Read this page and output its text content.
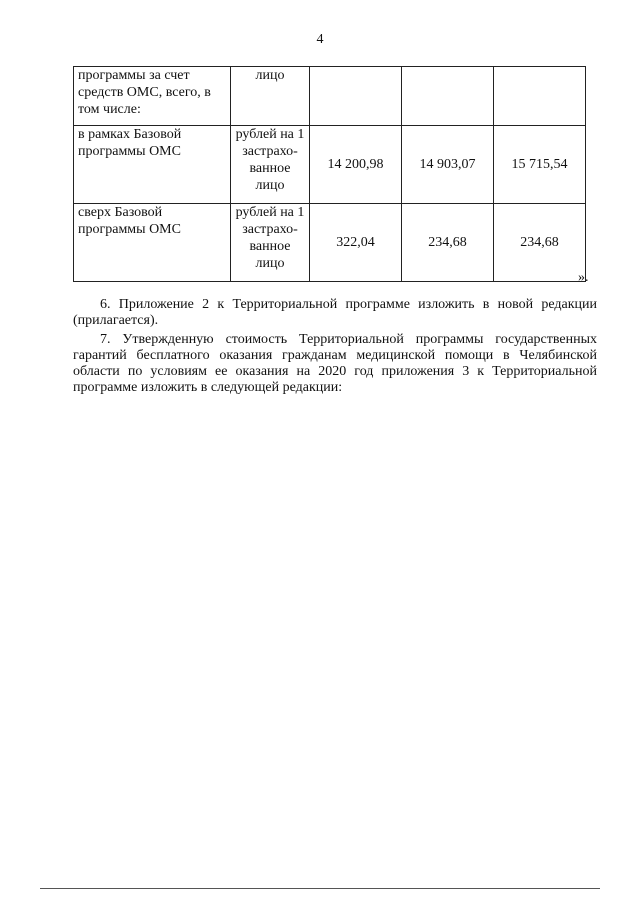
4
программы за счет средств ОМС, всего, в том числе:	лицо			
в рамках Базовой программы ОМС	рублей на 1 застрахо-ванное лицо	14 200,98	14 903,07	15 715,54
сверх Базовой программы ОМС	рублей на 1 застрахо-ванное лицо	322,04	234,68	234,68
».

6. Приложение 2 к Территориальной программе изложить в новой редакции (прилагается).

7. Утвержденную стоимость Территориальной программы государственных гарантий бесплатного оказания гражданам медицинской помощи в Челябинской области по условиям ее оказания на 2020 год приложения 3 к Территориальной программе изложить в следующей редакции:
